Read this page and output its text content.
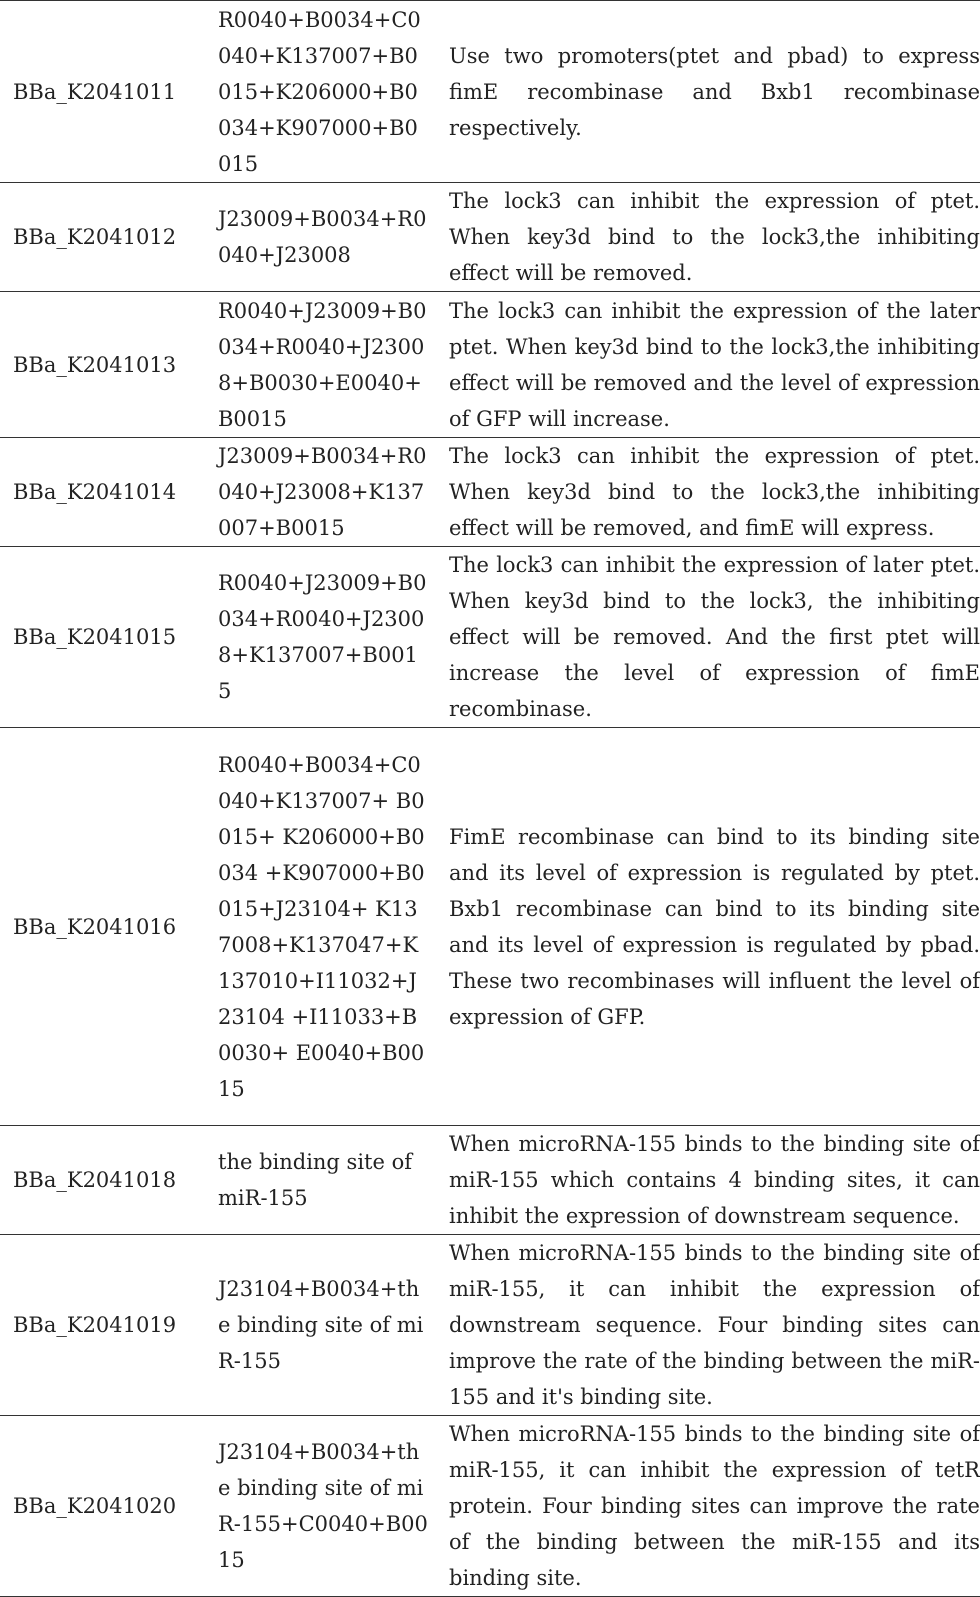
BBa_K2041011	R0040+B0034+C0040+K137007+B0015+K206000+B0034+K907000+B0015	Use two promoters(ptet and pbad) to express fimE recombinase and Bxb1 recombinase respectively.
BBa_K2041012	J23009+B0034+R0040+J23008	The lock3 can inhibit the expression of ptet. When key3d bind to the lock3,the inhibiting effect will be removed.
BBa_K2041013	R0040+J23009+B0034+R0040+J23008+B0030+E0040+B0015	The lock3 can inhibit the expression of the later ptet. When key3d bind to the lock3,the inhibiting effect will be removed and the level of expression of GFP will increase.
BBa_K2041014	J23009+B0034+R0040+J23008+K137007+B0015	The lock3 can inhibit the expression of ptet. When key3d bind to the lock3,the inhibiting effect will be removed, and fimE will express.
BBa_K2041015	R0040+J23009+B0034+R0040+J23008+K137007+B0015	The lock3 can inhibit the expression of later ptet. When key3d bind to the lock3, the inhibiting effect will be removed. And the first ptet will increase the level of expression of fimE recombinase.
BBa_K2041016	R0040+B0034+C0040+K137007+ B0015+ K206000+B0034 +K907000+B0015+J23104+ K137008+K137047+K137010+I11032+J23104 +I11033+B0030+ E0040+B0015	FimE recombinase can bind to its binding site and its level of expression is regulated by ptet. Bxb1 recombinase can bind to its binding site and its level of expression is regulated by pbad. These two recombinases will influent the level of expression of GFP.
BBa_K2041018	the binding site of miR-155	When microRNA-155 binds to the binding site of miR-155 which contains 4 binding sites, it can inhibit the expression of downstream sequence.
BBa_K2041019	J23104+B0034+the binding site of miR-155	When microRNA-155 binds to the binding site of miR-155, it can inhibit the expression of downstream sequence. Four binding sites can improve the rate of the binding between the miR-155 and it's binding site.
BBa_K2041020	J23104+B0034+the binding site of miR-155+C0040+B0015	When microRNA-155 binds to the binding site of miR-155, it can inhibit the expression of tetR protein. Four binding sites can improve the rate of the binding between the miR-155 and its binding site.
